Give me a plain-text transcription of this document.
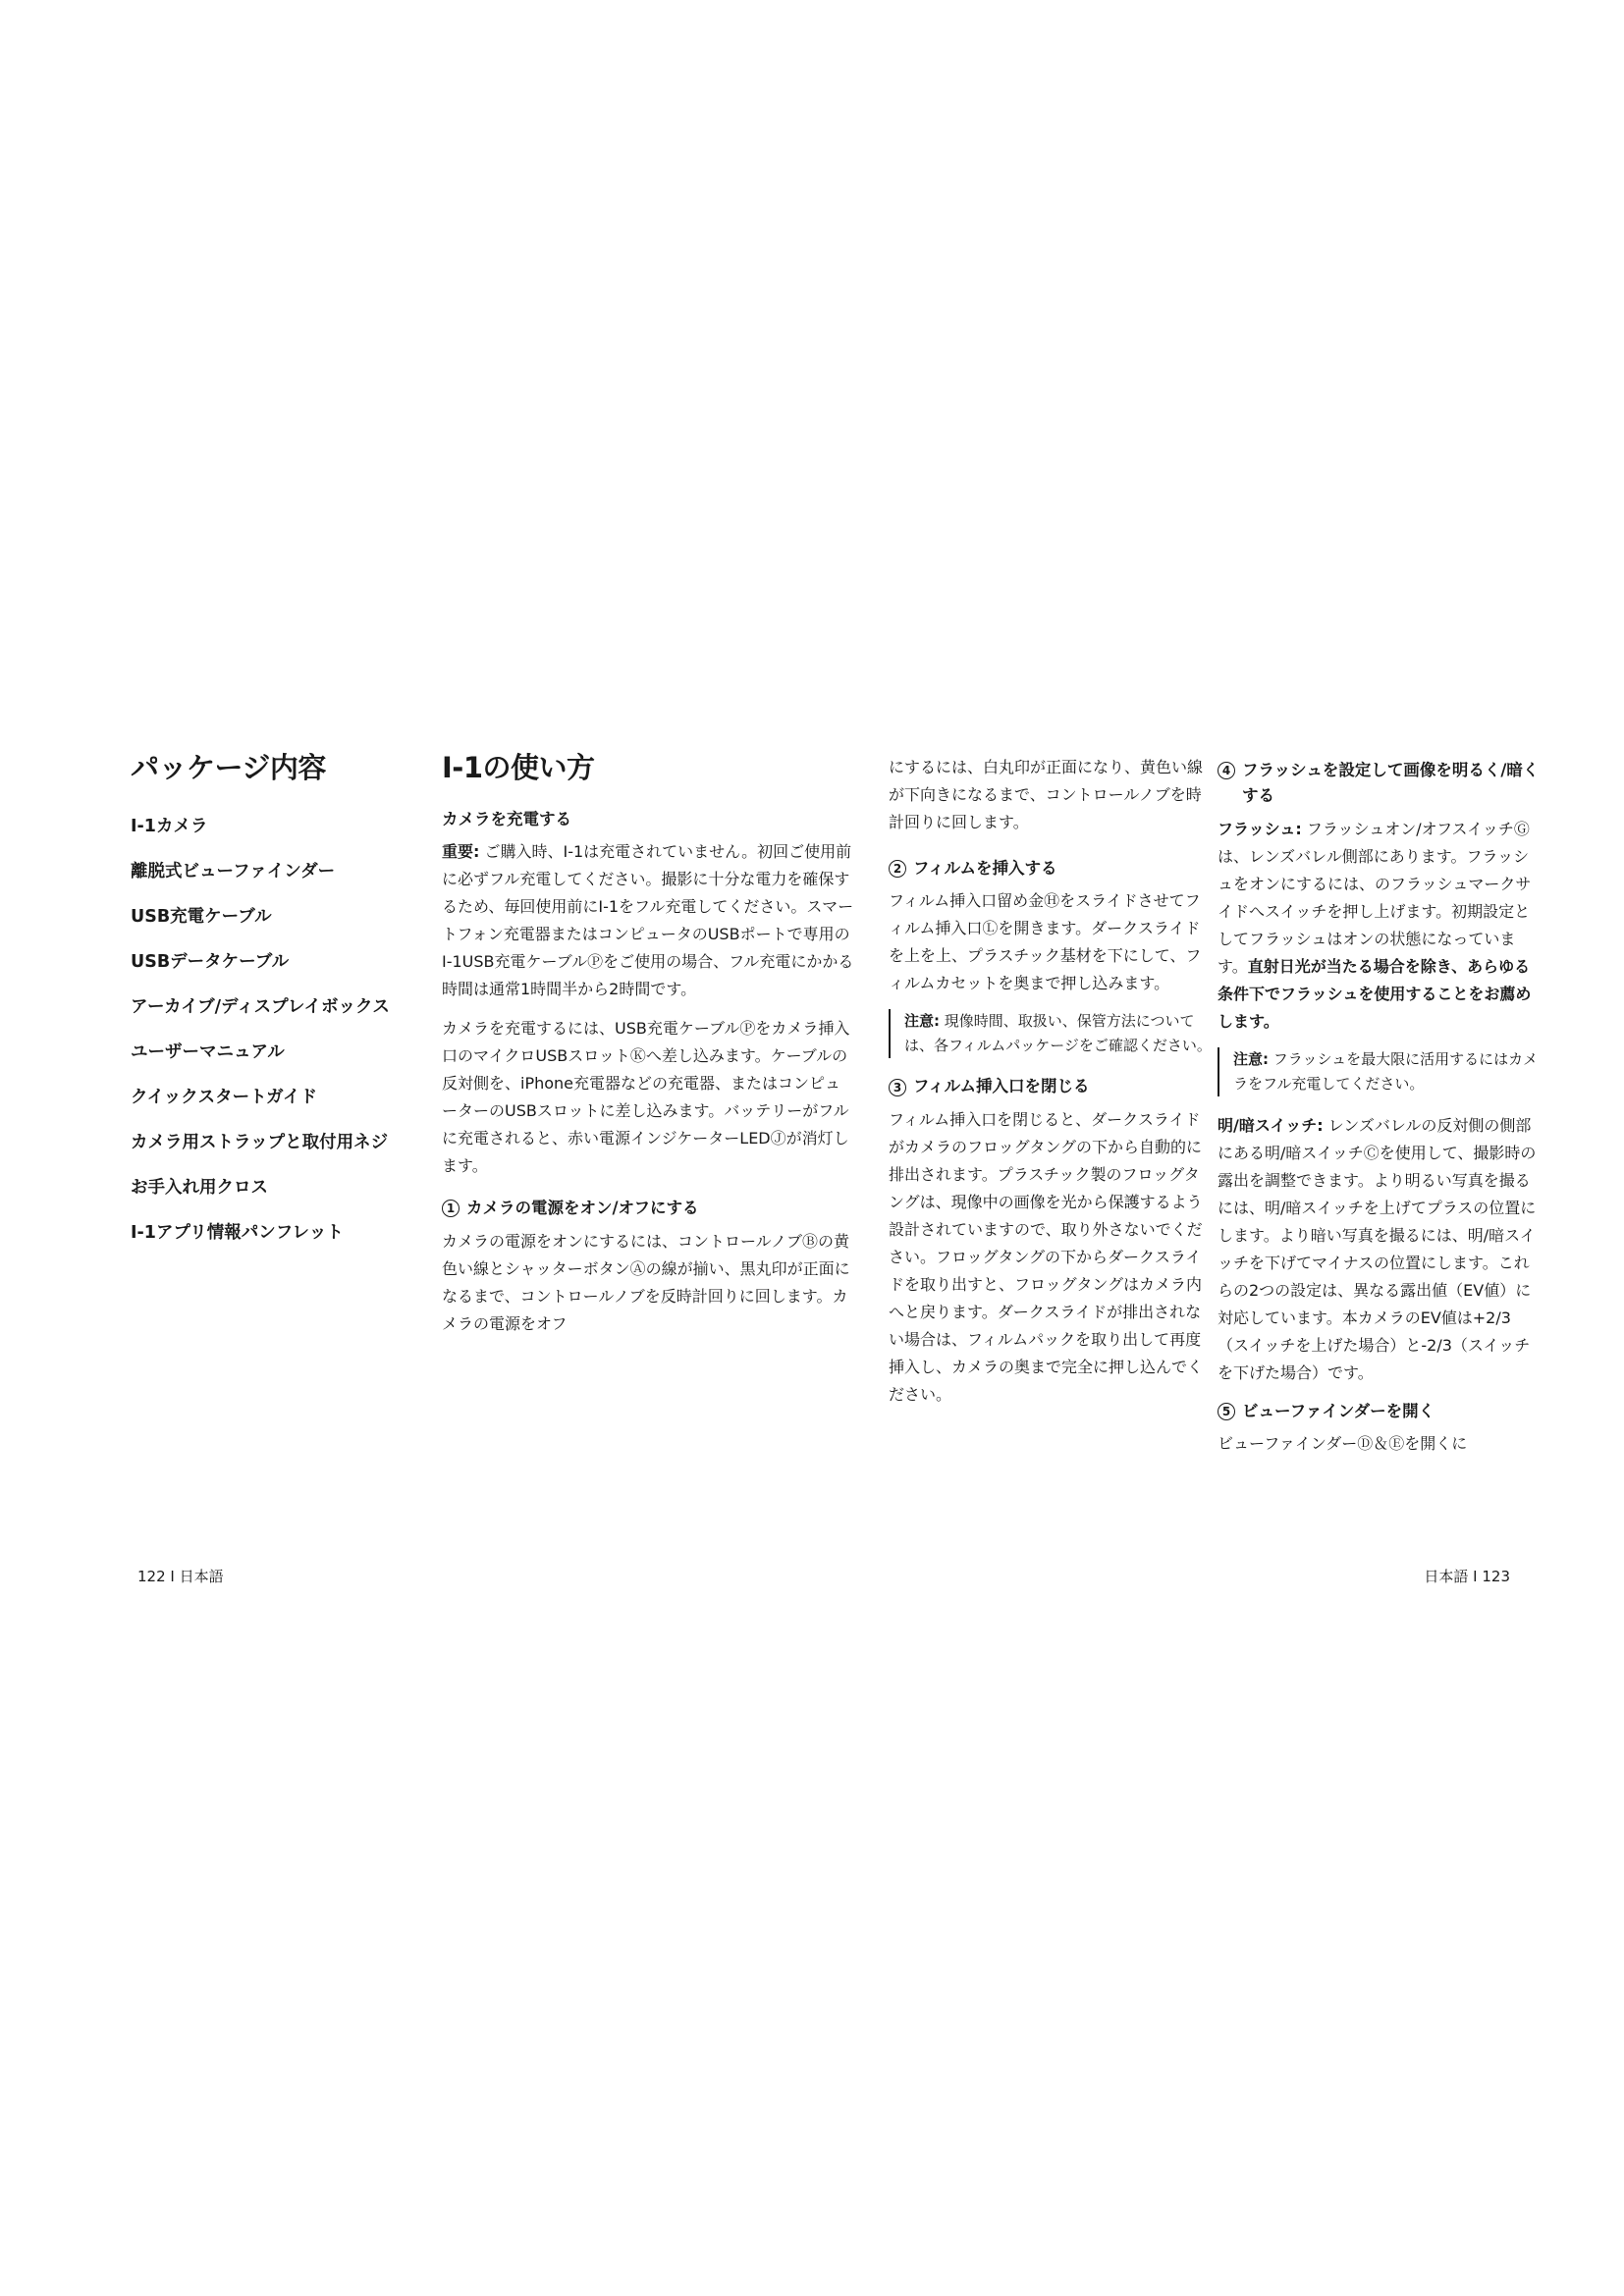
パッケージ内容
I-1カメラ
離脱式ビューファインダー
USB充電ケーブル
USBデータケーブル
アーカイブ/ディスプレイボックス
ユーザーマニュアル
クイックスタートガイド
カメラ用ストラップと取付用ネジ
お手入れ用クロス
I-1アプリ情報パンフレット
I-1の使い方
カメラを充電する

重要: ご購入時、I-1は充電されていません。初回ご使用前に必ずフル充電してください。撮影に十分な電力を確保するため、毎回使用前にI-1をフル充電してください。スマートフォン充電器またはコンピュータのUSBポートで専用のI-1USB充電ケーブルⓅをご使用の場合、フル充電にかかる時間は通常1時間半から2時間です。

カメラを充電するには、USB充電ケーブルⓅをカメラ挿入口のマイクロUSBスロットⓀへ差し込みます。ケーブルの反対側を、iPhone充電器などの充電器、またはコンピューターのUSBスロットに差し込みます。バッテリーがフルに充電されると、赤い電源インジケーターLEDⒿが消灯します。

1 カメラの電源をオン/オフにする

カメラの電源をオンにするには、コントロールノブⒷの黄色い線とシャッターボタンⒶの線が揃い、黒丸印が正面になるまで、コントロールノブを反時計回りに回します。カメラの電源をオフ

にするには、白丸印が正面になり、黄色い線が下向きになるまで、コントロールノブを時計回りに回します。

2 フィルムを挿入する

フィルム挿入口留め金Ⓗをスライドさせてフィルム挿入口Ⓛを開きます。ダークスライドを上を上、プラスチック基材を下にして、フィルムカセットを奥まで押し込みます。

注意: 現像時間、取扱い、保管方法については、各フィルムパッケージをご確認ください。
3 フィルム挿入口を閉じる

フィルム挿入口を閉じると、ダークスライドがカメラのフロッグタングの下から自動的に排出されます。プラスチック製のフロッグタングは、現像中の画像を光から保護するよう設計されていますので、取り外さないでください。フロッグタングの下からダークスライドを取り出すと、フロッグタングはカメラ内へと戻ります。ダークスライドが排出されない場合は、フィルムパックを取り出して再度挿入し、カメラの奥まで完全に押し込んでください。

4 フラッシュを設定して画像を明るく/暗くする

フラッシュ: フラッシュオン/オフスイッチⒼは、レンズバレル側部にあります。フラッシュをオンにするには、のフラッシュマークサイドへスイッチを押し上げます。初期設定としてフラッシュはオンの状態になっています。直射日光が当たる場合を除き、あらゆる条件下でフラッシュを使用することをお薦めします。

注意: フラッシュを最大限に活用するにはカメラをフル充電してください。

明/暗スイッチ: レンズバレルの反対側の側部にある明/暗スイッチⒸを使用して、撮影時の露出を調整できます。より明るい写真を撮るには、明/暗スイッチを上げてプラスの位置にします。より暗い写真を撮るには、明/暗スイッチを下げてマイナスの位置にします。これらの2つの設定は、異なる露出値（EV値）に対応しています。本カメラのEV値は+2/3（スイッチを上げた場合）と-2/3（スイッチを下げた場合）です。

5 ビューファインダーを開く

ビューファインダーⒹ＆Ⓔを開くに

122 I 日本語	日本語 I 123
